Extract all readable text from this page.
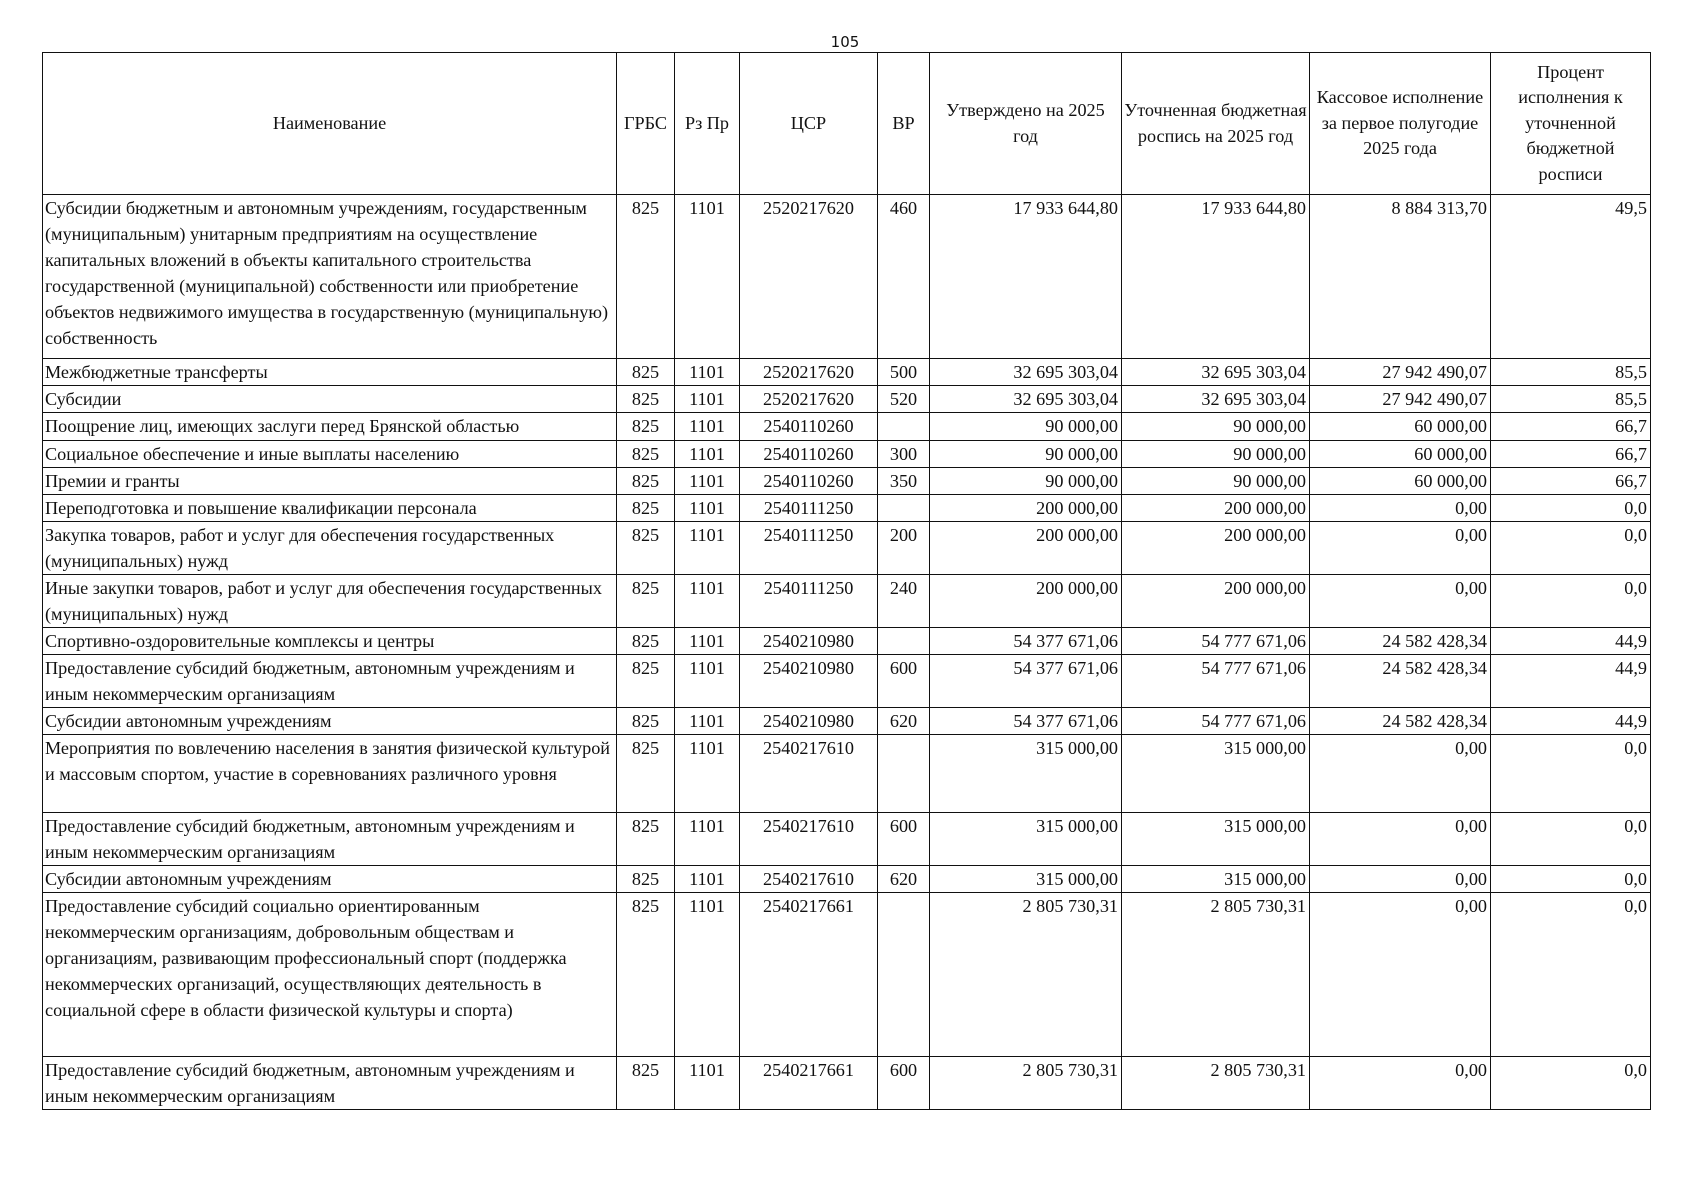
105
Наименование	ГРБС	Рз Пр	ЦСР	ВР	Утверждено на 2025 год	Уточненная бюджетная роспись на 2025 год	Кассовое исполнение за первое полугодие 2025 года	Процент исполнения к уточненной бюджетной росписи
Субсидии бюджетным и автономным учреждениям, государственным (муниципальным) унитарным предприятиям на осуществление капитальных вложений в объекты капитального строительства государственной (муниципальной) собственности или приобретение объектов недвижимого имущества в государственную (муниципальную) собственность	825	1101	2520217620	460	17 933 644,80	17 933 644,80	8 884 313,70	49,5
Межбюджетные трансферты	825	1101	2520217620	500	32 695 303,04	32 695 303,04	27 942 490,07	85,5
Субсидии	825	1101	2520217620	520	32 695 303,04	32 695 303,04	27 942 490,07	85,5
Поощрение лиц, имеющих заслуги перед Брянской областью	825	1101	2540110260		90 000,00	90 000,00	60 000,00	66,7
Социальное обеспечение и иные выплаты населению	825	1101	2540110260	300	90 000,00	90 000,00	60 000,00	66,7
Премии и гранты	825	1101	2540110260	350	90 000,00	90 000,00	60 000,00	66,7
Переподготовка и повышение квалификации персонала	825	1101	2540111250		200 000,00	200 000,00	0,00	0,0
Закупка товаров, работ и услуг для обеспечения государственных (муниципальных) нужд	825	1101	2540111250	200	200 000,00	200 000,00	0,00	0,0
Иные закупки товаров, работ и услуг для обеспечения государственных (муниципальных) нужд	825	1101	2540111250	240	200 000,00	200 000,00	0,00	0,0
Спортивно-оздоровительные комплексы и центры	825	1101	2540210980		54 377 671,06	54 777 671,06	24 582 428,34	44,9
Предоставление субсидий бюджетным, автономным учреждениям и иным некоммерческим организациям	825	1101	2540210980	600	54 377 671,06	54 777 671,06	24 582 428,34	44,9
Субсидии автономным учреждениям	825	1101	2540210980	620	54 377 671,06	54 777 671,06	24 582 428,34	44,9
Мероприятия по вовлечению населения в занятия физической культурой и массовым спортом, участие в соревнованиях различного уровня	825	1101	2540217610		315 000,00	315 000,00	0,00	0,0
Предоставление субсидий бюджетным, автономным учреждениям и иным некоммерческим организациям	825	1101	2540217610	600	315 000,00	315 000,00	0,00	0,0
Субсидии автономным учреждениям	825	1101	2540217610	620	315 000,00	315 000,00	0,00	0,0
Предоставление субсидий социально ориентированным некоммерческим организациям, добровольным обществам и организациям, развивающим профессиональный спорт (поддержка некоммерческих организаций, осуществляющих деятельность в социальной сфере в области физической культуры и спорта)	825	1101	2540217661		2 805 730,31	2 805 730,31	0,00	0,0
Предоставление субсидий бюджетным, автономным учреждениям и иным некоммерческим организациям	825	1101	2540217661	600	2 805 730,31	2 805 730,31	0,00	0,0
